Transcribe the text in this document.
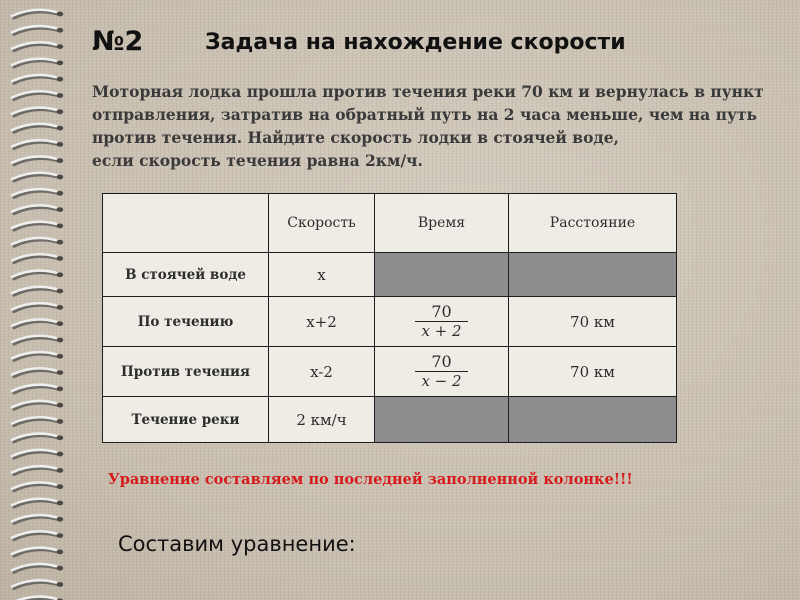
№2	Задача на нахождение скорости
Моторная лодка прошла против течения реки 70 км и вернулась в пункт
отправления, затратив на обратный путь на 2 часа меньше, чем на путь
против течения. Найдите скорость лодки в стоячей воде,
если скорость течения равна 2км/ч.
	Скорость	Время	Расстояние
В стоячей воде	x		
По течению	x+2	$\frac{70}{x + 2}$	70 км
Против течения	x-2	$\frac{70}{x - 2}$	70 км
Течение реки	2 км/ч		
Уравнение составляем по последней заполненной колонке!!!
Составим уравнение:
